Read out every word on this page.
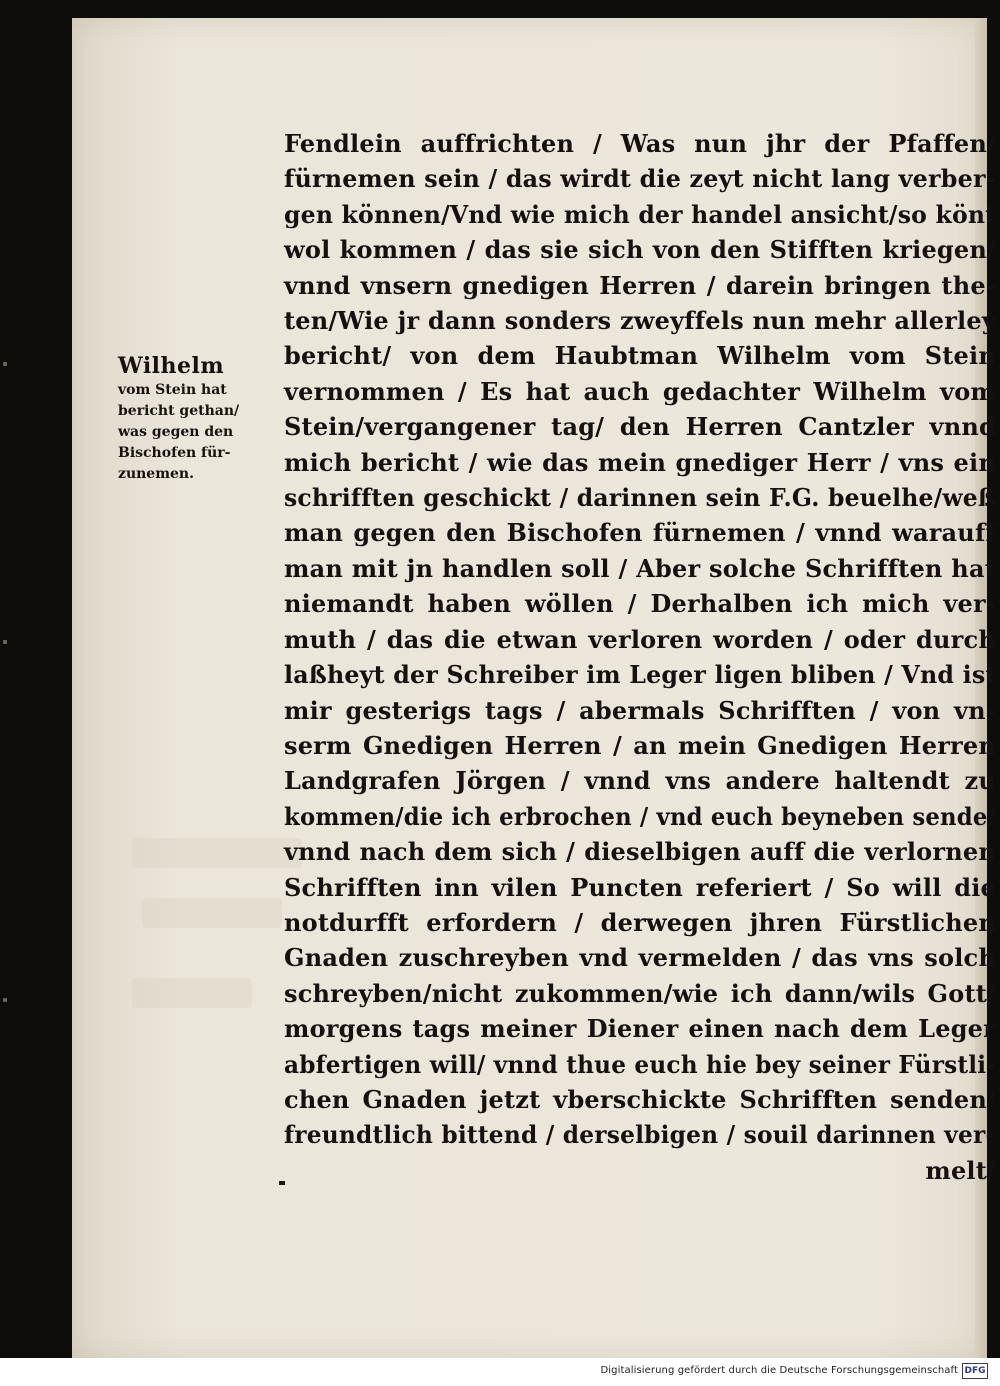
Wilhelm
vom Stein hat
bericht gethan/
was gegen den
Bischofen für-
zunemen.
Fendlein auffrichten / Was nun jhr der Pfaffen/
fürnemen sein / das wirdt die zeyt nicht lang verber-
gen können/Vnd wie mich der handel ansicht/so könt
wol kommen / das sie sich von den Stifften kriegen/
vnnd vnsern gnedigen Herren / darein bringen the-
ten/Wie jr dann sonders zweyffels nun mehr allerley
bericht/ von dem Haubtman Wilhelm vom Stein
vernommen / Es hat auch gedachter Wilhelm vom
Stein/vergangener tag/ den Herren Cantzler vnnd
mich bericht / wie das mein gnediger Herr / vns ein
schrifften geschickt / darinnen sein F.G. beuelhe/weß
man gegen den Bischofen fürnemen / vnnd warauff
man mit jn handlen soll / Aber solche Schrifften hat
niemandt haben wöllen / Derhalben ich mich ver-
muth / das die etwan verloren worden / oder durch
laßheyt der Schreiber im Leger ligen bliben / Vnd ist
mir gesterigs tags / abermals Schrifften / von vn-
serm Gnedigen Herren / an mein Gnedigen Herren
Landgrafen Jörgen / vnnd vns andere haltendt zu
kommen/die ich erbrochen / vnd euch beyneben sende/
vnnd nach dem sich / dieselbigen auff die verlornen
Schrifften inn vilen Puncten referiert / So will die
notdurfft erfordern / derwegen jhren Fürstlichen
Gnaden zuschreyben vnd vermelden / das vns solch
schreyben/nicht zukommen/wie ich dann/wils Gott/
morgens tags meiner Diener einen nach dem Leger
abfertigen will/ vnnd thue euch hie bey seiner Fürstli-
chen Gnaden jetzt vberschickte Schrifften senden/
freundtlich bittend / derselbigen / souil darinnen ver-
melt/
Digitalisierung gefördert durch die Deutsche Forschungsgemeinschaft DFG
